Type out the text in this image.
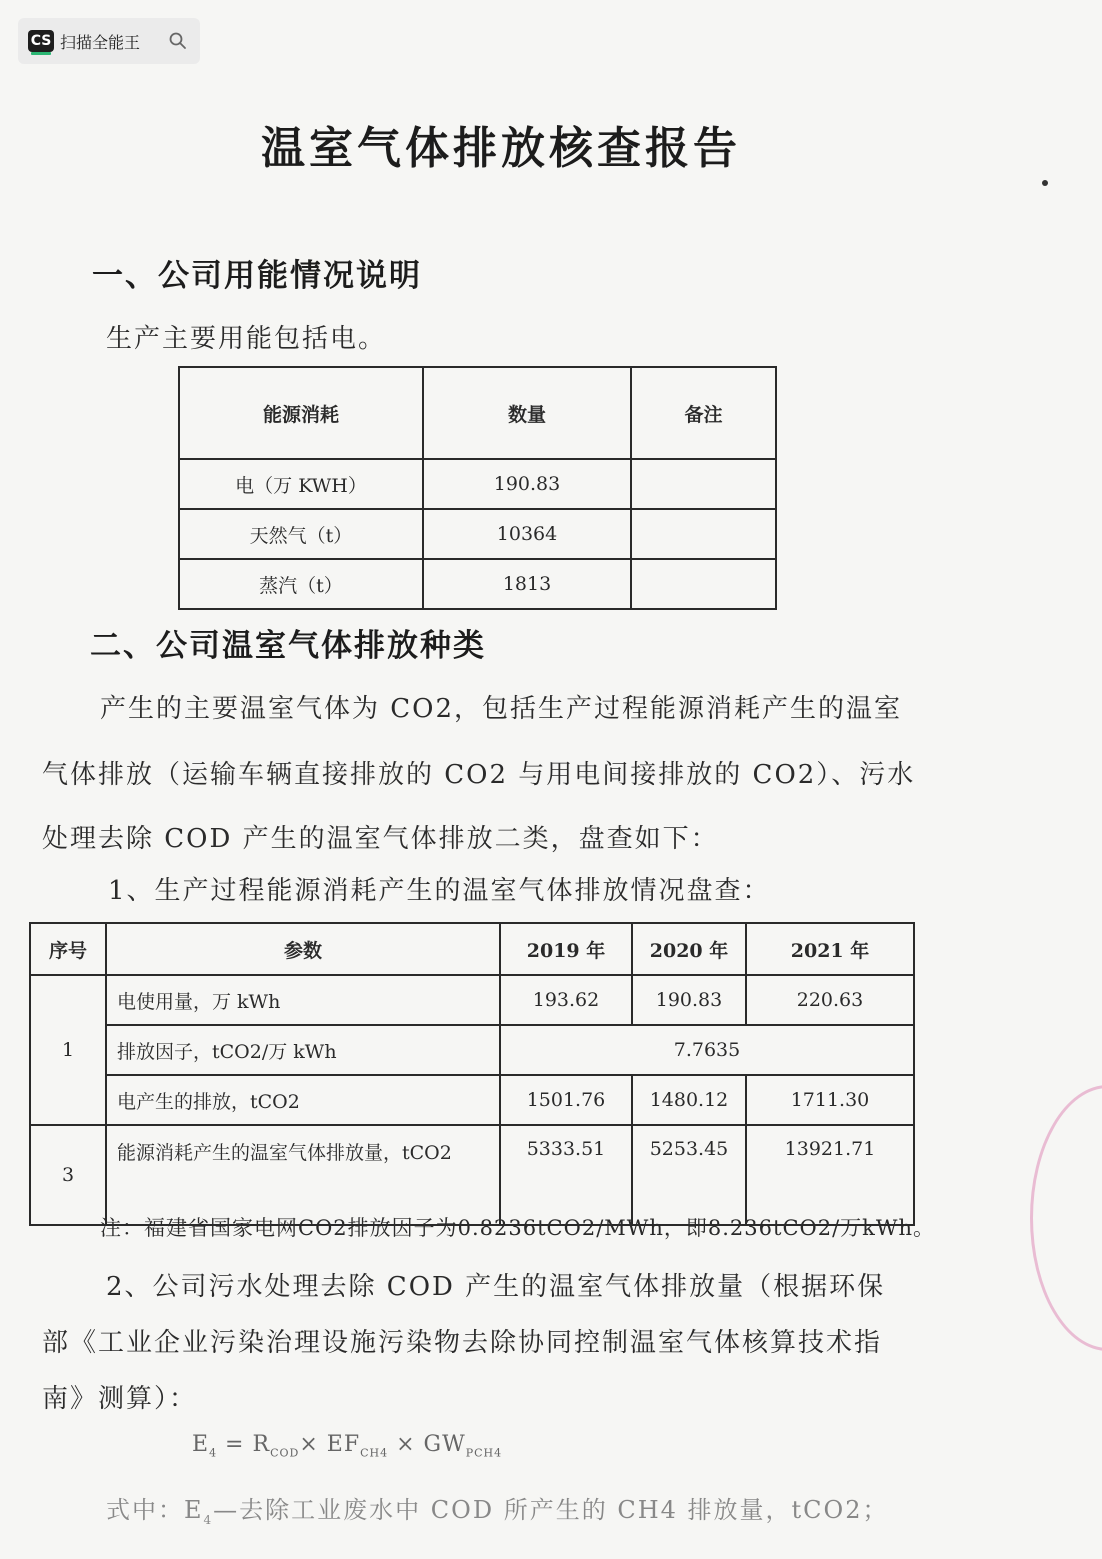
CS 扫描全能王
温室气体排放核查报告
一、公司用能情况说明
生产主要用能包括电。
能源消耗	数量	备注
电（万 KWH）	190.83	
天然气（t）	10364	
蒸汽（t）	1813	
二、公司温室气体排放种类
产生的主要温室气体为 CO2，包括生产过程能源消耗产生的温室
气体排放（运输车辆直接排放的 CO2 与用电间接排放的 CO2）、污水
处理去除 COD 产生的温室气体排放二类，盘查如下：
1、生产过程能源消耗产生的温室气体排放情况盘查：
序号	参数	2019 年	2020 年	2021 年
1	电使用量，万 kWh	193.62	190.83	220.63
	排放因子，tCO2/万 kWh	7.7635		
	电产生的排放，tCO2	1501.76	1480.12	1711.30
3	能源消耗产生的温室气体排放量，tCO2	5333.51	5253.45	13921.71
注：福建省国家电网CO2排放因子为0.8236tCO2/MWh，即8.236tCO2/万kWh。
2、公司污水处理去除 COD 产生的温室气体排放量（根据环保
部《工业企业污染治理设施污染物去除协同控制温室气体核算技术指
南》测算）：
$E_4 = R_{COD}\times EF_{CH4} \times GW_{PCH4}$
式中：$E_4—$去除工业废水中 COD 所产生的 CH4 排放量，tCO2；
